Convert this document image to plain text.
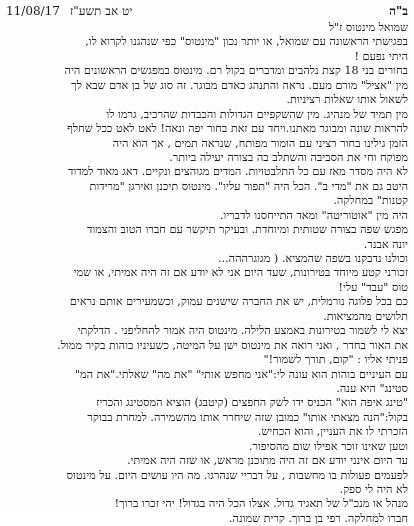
ב"ה
יט אב תשע"ז
11/08/17
שמואל מינטוס ז"ל
בפגישתי הראשונה עם שמואל, או יותר נכון "מינטוס" כפי שנהגנו לקרוא לו,
היתי נפעם !
בחורים בני 18 קצת נלהבים ומדברים בקול רם. מינטוס במפגשים הראשונים היה
מין "אציל" מורם מעם. נראה והתנהג כאדם מבוגר. זה סוג של בן אדם שבא לך
לשאול אותו שאלות רציניות.
מין תמיד של מנהיג. מין שהשקפיים הגדולות והכבדות שהרכיב, גרמו לו
להראות שונה ומבוגר מאתנו.ויחד עם זאת בחור יפה ונאה! לאט לאט ככל שחלף
הזמן גילינו בחור רציני עם הומור מפותח, שנראה תמים , אך הוא היה
מפוקח וחי את הסביבה והשתלב בה בצורה יעילה ביותר.
לא היה מסדר מאז עם כל התלבטויות. המדים מגוהצים ונקיים. דאג מאוד למדוד
היטב גם את "מדי ב". הכל היה "תפור עליו". מינטוס תיכנן ואירגן "מרידות
קטנות" במחלקה.
היה מין "אוטוריטה" ומאד התייחסנו לדבריו.
מפגש שפה בצורה שטותית ומיוחדת. ובעיקר תיקשר עם חברו הטוב והצמוד
יונה אבנר.
וכולנו נדבקנו בשפה שהמציא. ( מגוגרההה...
זכורני קטע מיוחד בטירונות, שעד היום אני לא יודע אם זה היה אמיתי, או שמי
טוס "עבד" עלי!
כם בכל פלוגה נורמלית, יש את החברה שישנים עמוק, וכשמעירים אותם נראים
תלושים מהמציאות.
יצא לי לשמור בטירונות באמצע הלילה. מינטוס היה אמור להחליפני . הדלקתי
את האור בחדר , ואני רואה את מינטוס ישן על המיטה, כשעיניו בוהות בקיר ממול.
פניתי אליו : "קום, תורך לשמור!"
עם העיניים בוהות הוא עונה לי:"אני מחפש אותי" "את מה" שאלתי."את המ"
סטינג" היא ענה.
"טינג איפה הוא" הכניס ידו לשק החפצים (קיטבג) הוציא המסטינג והכריז
בקול:"הנה מצאתי אותו" כמובן שזה שיחרר אותו מהשמירה. למחרת בבוקר
הזכרתי לו את העניין, והוא הכחיש.
וטען שאינו זוכר אפילו שום מהסיפור.
עד היום אינני יודע אם זה היה מתוכנן מראש, או שזה היה אמיתי.
לפעמים פעולות בו מחשבות , על דבריי שנהרגו. מה היו עושים היום. על מינטוס
לא היה לי ספק.
מנהל או מנכ"ל של תאגיד גדול. אצלו הכל היה בגדול! יהי זכרו ברוך!
חברו למחלקה. רפי בן ברוך. קרית שמונה.
